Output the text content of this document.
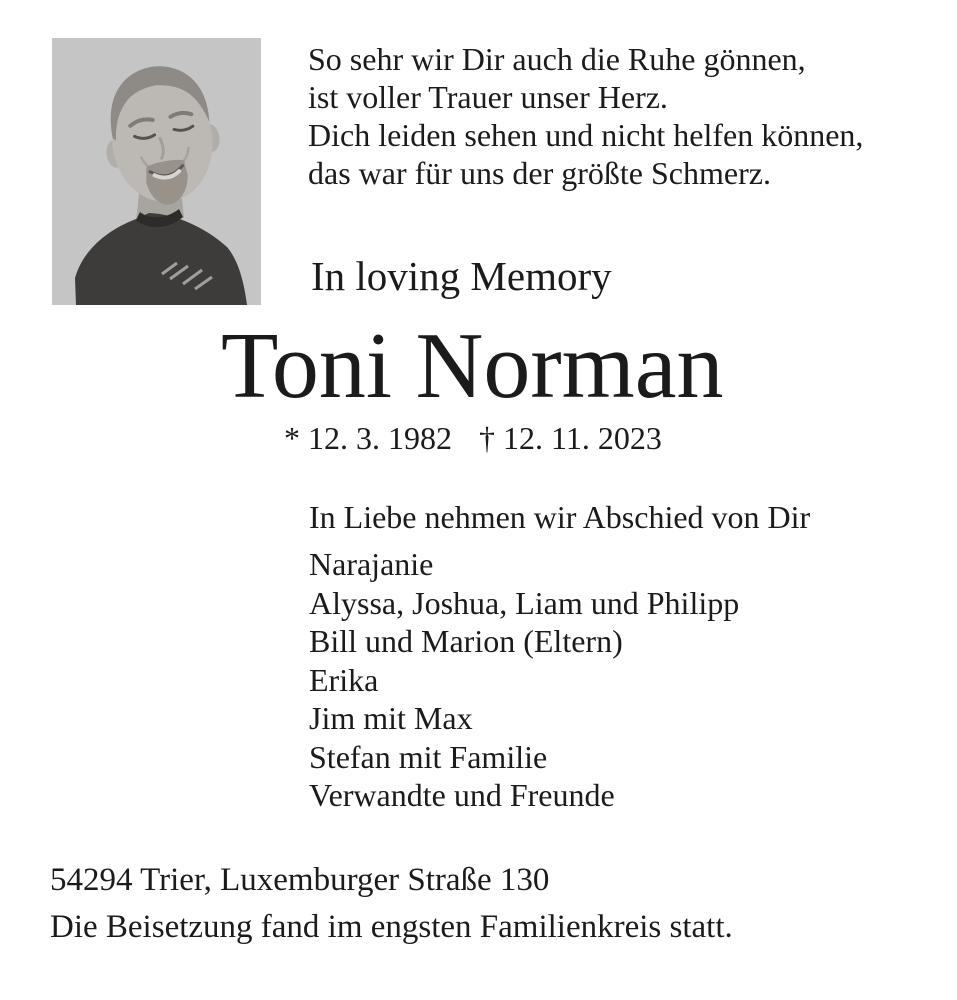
So sehr wir Dir auch die Ruhe gönnen,
ist voller Trauer unser Herz.
Dich leiden sehen und nicht helfen können,
das war für uns der größte Schmerz.
In loving Memory
Toni Norman
* 12. 3. 1982 † 12. 11. 2023
In Liebe nehmen wir Abschied von Dir
Narajanie
Alyssa, Joshua, Liam und Philipp
Bill und Marion (Eltern)
Erika
Jim mit Max
Stefan mit Familie
Verwandte und Freunde
54294 Trier, Luxemburger Straße 130
Die Beisetzung fand im engsten Familienkreis statt.
